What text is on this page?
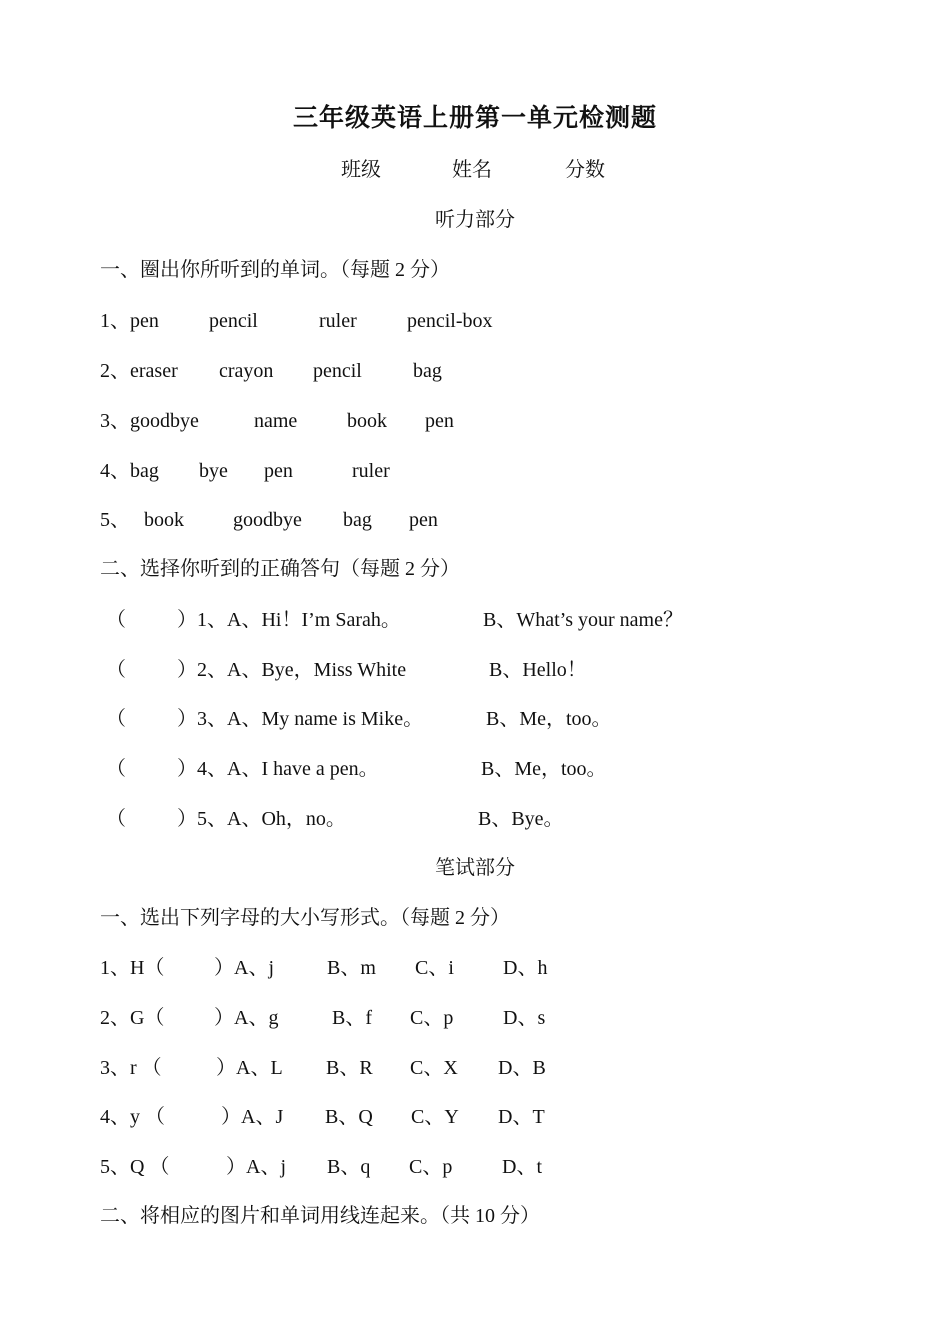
三年级英语上册第一单元检测题
班级	姓名	分数
听力部分
一、圈出你所听到的单词。（每题 2 分）
1、pen	pencil	ruler	pencil-box
2、eraser crayon pencil	bag
3、goodbye	name book pen
4、bag bye pen	ruler
5、 book goodbye bag pen
二、选择你听到的正确答句（每题 2 分）
（	）1、A、Hi！I’m Sarah。	B、What’s your name？
（	）2、A、Bye，Miss White	B、Hello！
（	）3、A、My name is Mike。	B、Me，too。
（	）4、A、I have a pen。	B、Me，too。
（	）5、A、Oh，no。	B、Bye。
笔试部分
一、选出下列字母的大小写形式。（每题 2 分）
1、H（ ）A、j	B、m C、i D、h
2、G（ ）A、g	B、f C、p D、s
3、r （	）A、L B、R C、X D、B
4、y （	）A、J B、Q C、Y D、T
5、Q （	）A、j B、q C、p D、t
二、将相应的图片和单词用线连起来。（共 10 分）
